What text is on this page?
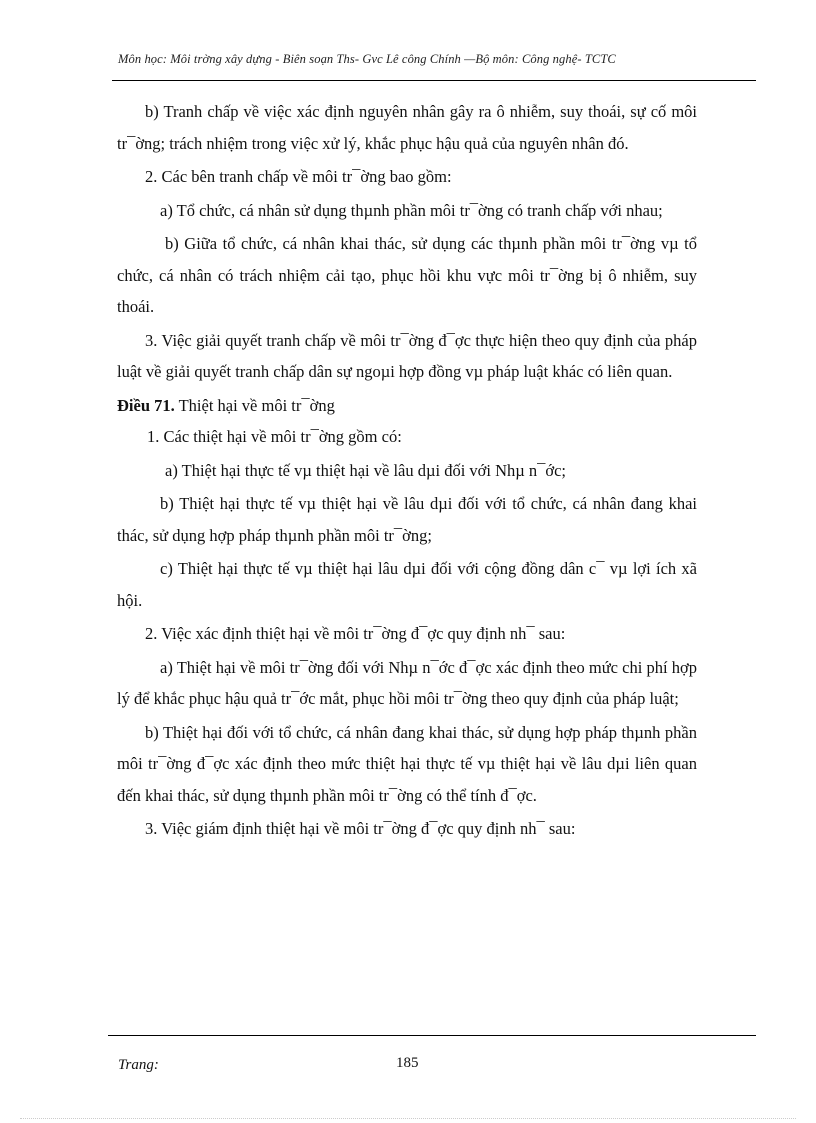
Môn học: Môi trờng xây dựng - Biên soạn Ths- Gvc Lê công Chính —Bộ môn: Công nghệ- TCTC

b) Tranh chấp về việc xác định nguyên nhân gây ra ô nhiễm, suy thoái, sự cố môi tr¯ờng; trách nhiệm trong việc xử lý, khắc phục hậu quả của nguyên nhân đó.

2. Các bên tranh chấp về môi tr¯ờng bao gồm:

a) Tổ chức, cá nhân sử dụng thµnh phần môi tr¯ờng có tranh chấp với nhau;

b) Giữa tổ chức, cá nhân khai thác, sử dụng các thµnh phần môi tr¯ờng vµ tổ chức, cá nhân có trách nhiệm cải tạo, phục hồi khu vực môi tr¯ờng bị ô nhiễm, suy thoái.

3. Việc giải quyết tranh chấp về môi tr¯ờng đ¯ợc thực hiện theo quy định của pháp luật về giải quyết tranh chấp dân sự ngoµi hợp đồng vµ pháp luật khác có liên quan.

Điều 71. Thiệt hại về môi tr¯ờng

1. Các thiệt hại về môi tr¯ờng gồm có:

a) Thiệt hại thực tế vµ thiệt hại về lâu dµi đối với Nhµ n¯ớc;

b) Thiệt hại thực tế vµ thiệt hại về lâu dµi đối với tổ chức, cá nhân đang khai thác, sử dụng hợp pháp thµnh phần môi tr¯ờng;

c) Thiệt hại thực tế vµ thiệt hại lâu dµi đối với cộng đồng dân c¯ vµ lợi ích xã hội.

2. Việc xác định thiệt hại về môi tr¯ờng đ¯ợc quy định nh¯ sau:

a) Thiệt hại về môi tr¯ờng đối với Nhµ n¯ớc đ¯ợc xác định theo mức chi phí hợp lý để khắc phục hậu quả tr¯ớc mắt, phục hồi môi tr¯ờng theo quy định của pháp luật;

b) Thiệt hại đối với tổ chức, cá nhân đang khai thác, sử dụng hợp pháp thµnh phần môi tr¯ờng đ¯ợc xác định theo mức thiệt hại thực tế vµ thiệt hại về lâu dµi liên quan đến khai thác, sử dụng thµnh phần môi tr¯ờng có thể tính đ¯ợc.

3. Việc giám định thiệt hại về môi tr¯ờng đ¯ợc quy định nh¯ sau:

Trang:	185
